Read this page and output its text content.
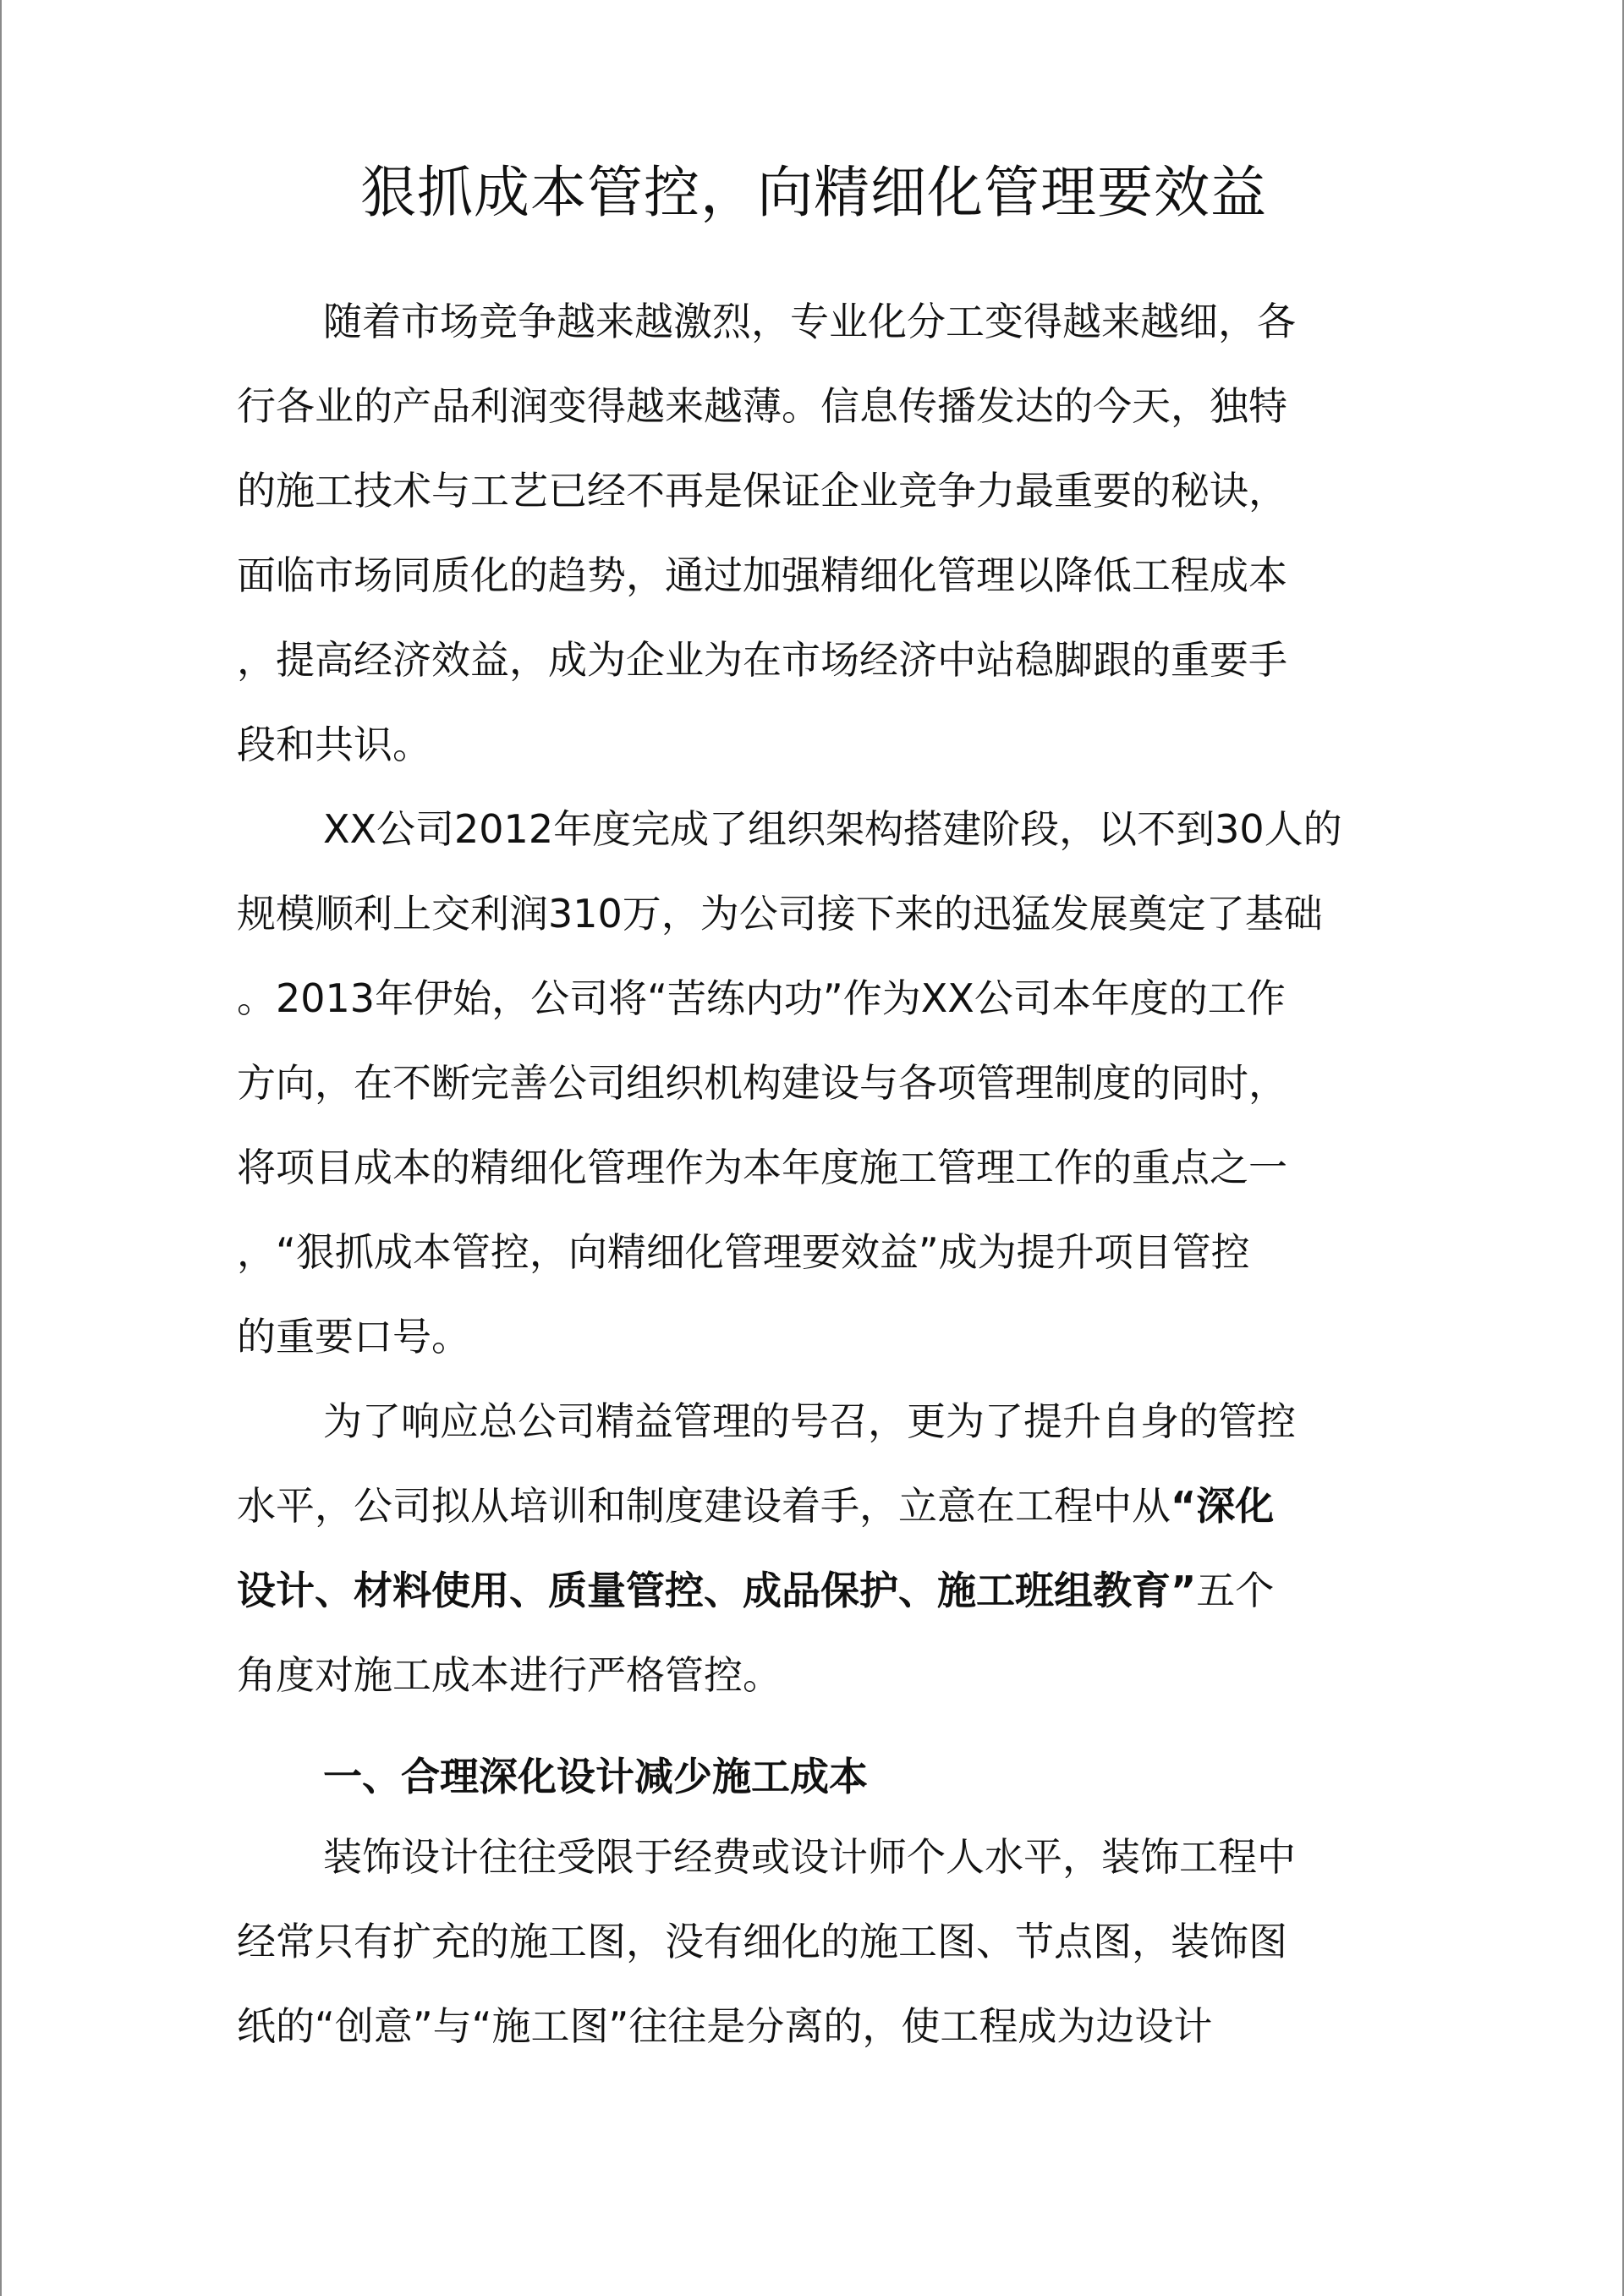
狠抓成本管控，向精细化管理要效益
随着市场竞争越来越激烈，专业化分工变得越来越细，各
行各业的产品利润变得越来越薄。信息传播发达的今天，独特
的施工技术与工艺已经不再是保证企业竞争力最重要的秘诀，
面临市场同质化的趋势，通过加强精细化管理以降低工程成本
，提高经济效益，成为企业为在市场经济中站稳脚跟的重要手
段和共识。
XX公司2012年度完成了组织架构搭建阶段，以不到30人的
规模顺利上交利润310万，为公司接下来的迅猛发展奠定了基础
。2013年伊始，公司将“苦练内功”作为XX公司本年度的工作
方向，在不断完善公司组织机构建设与各项管理制度的同时，
将项目成本的精细化管理作为本年度施工管理工作的重点之一
，“狠抓成本管控，向精细化管理要效益”成为提升项目管控
的重要口号。
为了响应总公司精益管理的号召，更为了提升自身的管控
水平，公司拟从培训和制度建设着手，立意在工程中从“深化
设计、材料使用、质量管控、成品保护、施工班组教育”五个
角度对施工成本进行严格管控。
一、合理深化设计减少施工成本
装饰设计往往受限于经费或设计师个人水平，装饰工程中
经常只有扩充的施工图，没有细化的施工图、节点图，装饰图
纸的“创意”与“施工图”往往是分离的，使工程成为边设计
